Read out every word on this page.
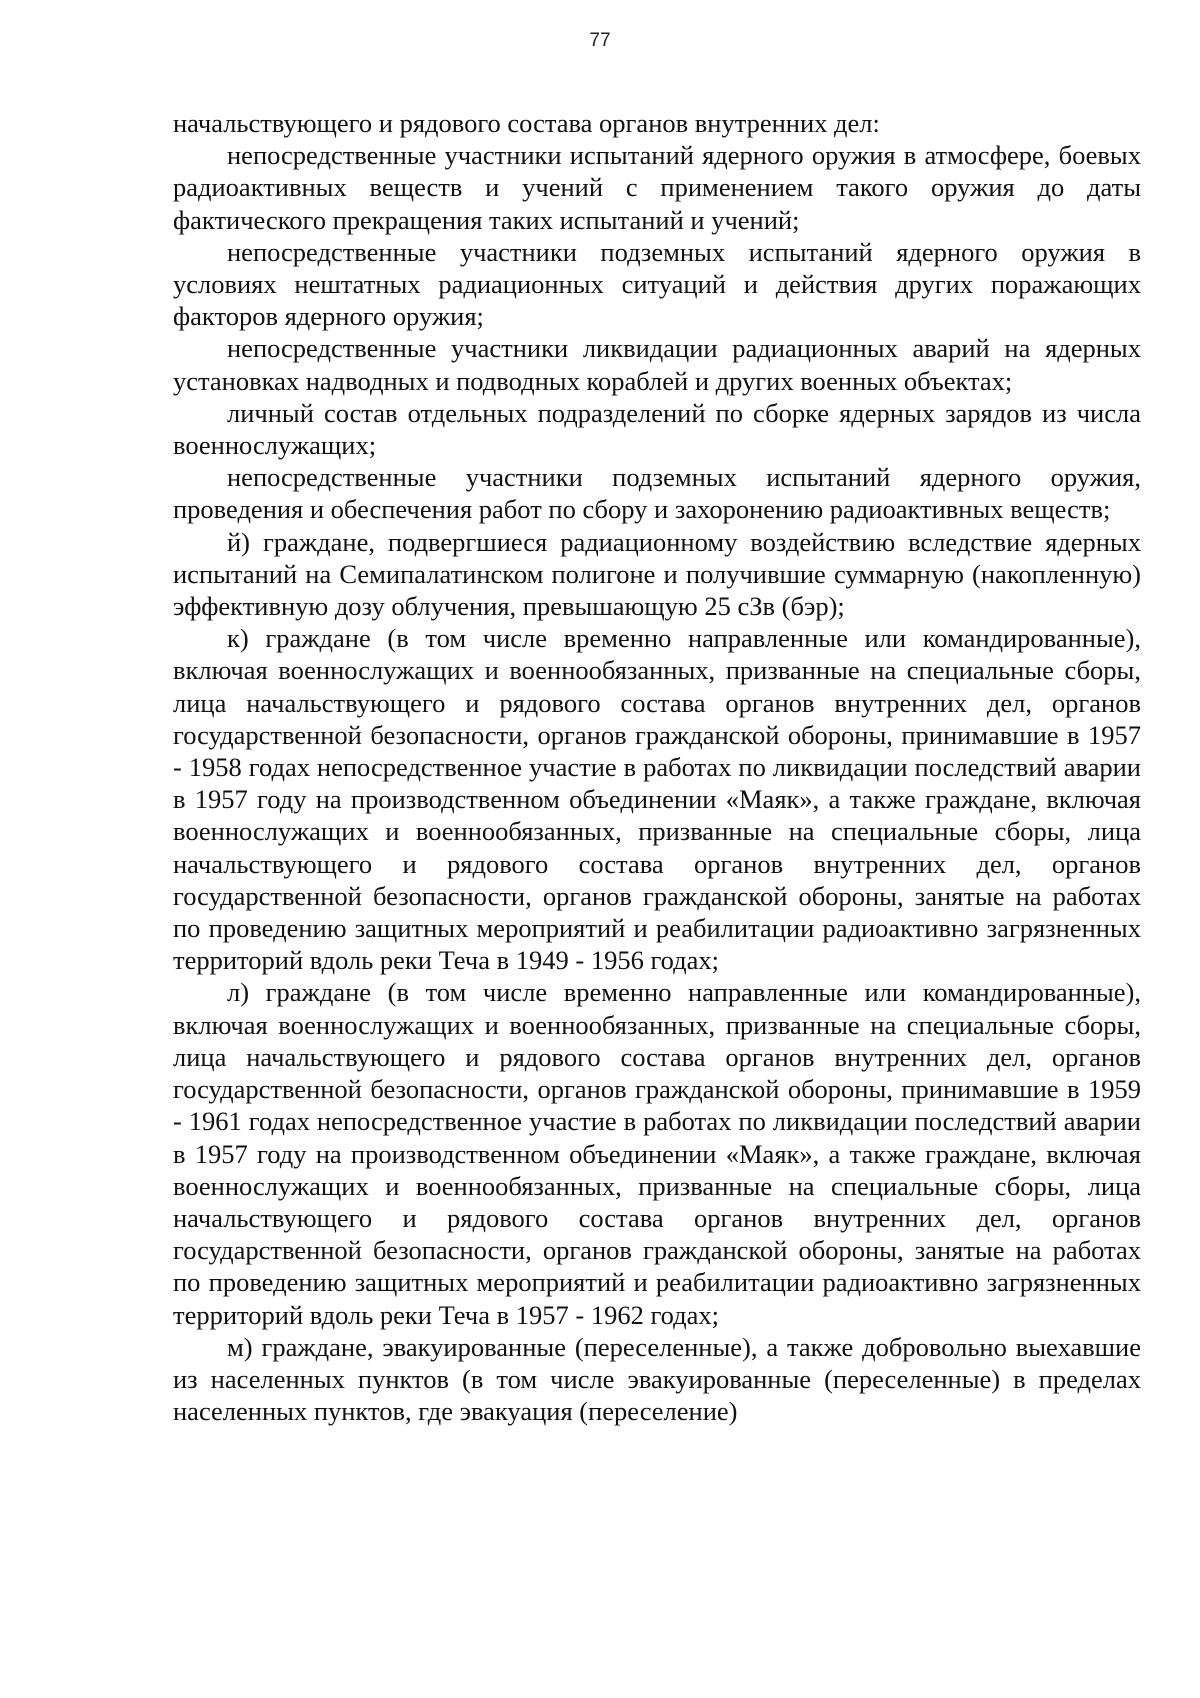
77

начальствующего и рядового состава органов внутренних дел:

непосредственные участники испытаний ядерного оружия в атмосфере, боевых радиоактивных веществ и учений с применением такого оружия до даты фактического прекращения таких испытаний и учений;

непосредственные участники подземных испытаний ядерного оружия в условиях нештатных радиационных ситуаций и действия других поражающих факторов ядерного оружия;

непосредственные участники ликвидации радиационных аварий на ядерных установках надводных и подводных кораблей и других военных объектах;

личный состав отдельных подразделений по сборке ядерных зарядов из числа военнослужащих;

непосредственные участники подземных испытаний ядерного оружия, проведения и обеспечения работ по сбору и захоронению радиоактивных веществ;

й) граждане, подвергшиеся радиационному воздействию вследствие ядерных испытаний на Семипалатинском полигоне и получившие суммарную (накопленную) эффективную дозу облучения, превышающую 25 сЗв (бэр);

к) граждане (в том числе временно направленные или командированные), включая военнослужащих и военнообязанных, призванные на специальные сборы, лица начальствующего и рядового состава органов внутренних дел, органов государственной безопасности, органов гражданской обороны, принимавшие в 1957 - 1958 годах непосредственное участие в работах по ликвидации последствий аварии в 1957 году на производственном объединении «Маяк», а также граждане, включая военнослужащих и военнообязанных, призванные на специальные сборы, лица начальствующего и рядового состава органов внутренних дел, органов государственной безопасности, органов гражданской обороны, занятые на работах по проведению защитных мероприятий и реабилитации радиоактивно загрязненных территорий вдоль реки Теча в 1949 - 1956 годах;

л) граждане (в том числе временно направленные или командированные), включая военнослужащих и военнообязанных, призванные на специальные сборы, лица начальствующего и рядового состава органов внутренних дел, органов государственной безопасности, органов гражданской обороны, принимавшие в 1959 - 1961 годах непосредственное участие в работах по ликвидации последствий аварии в 1957 году на производственном объединении «Маяк», а также граждане, включая военнослужащих и военнообязанных, призванные на специальные сборы, лица начальствующего и рядового состава органов внутренних дел, органов государственной безопасности, органов гражданской обороны, занятые на работах по проведению защитных мероприятий и реабилитации радиоактивно загрязненных территорий вдоль реки Теча в 1957 - 1962 годах;

м) граждане, эвакуированные (переселенные), а также добровольно выехавшие из населенных пунктов (в том числе эвакуированные (переселенные) в пределах населенных пунктов, где эвакуация (переселение)
